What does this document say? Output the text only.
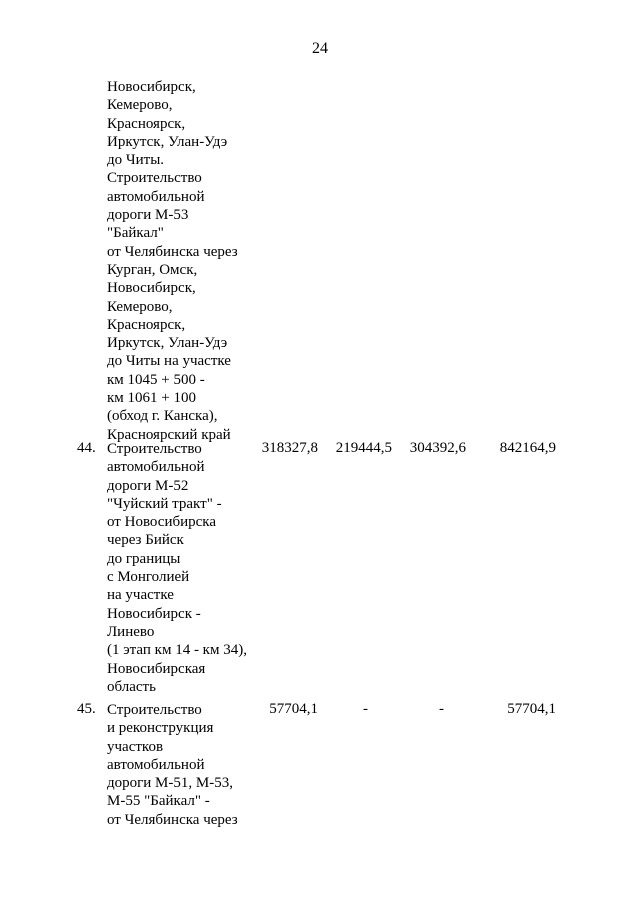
24
Новосибирск,
Кемерово,
Красноярск,
Иркутск, Улан-Удэ
до Читы.
Строительство
автомобильной
дороги М-53
"Байкал"
от Челябинска через
Курган, Омск,
Новосибирск,
Кемерово,
Красноярск,
Иркутск, Улан-Удэ
до Читы на участке
км 1045 + 500 -
км 1061 + 100
(обход г. Канска),
Красноярский край
44. Строительство
автомобильной
дороги М-52
"Чуйский тракт" -
от Новосибирска
через Бийск
до границы
с Монголией
на участке
Новосибирск -
Линево
(1 этап км 14 - км 34),
Новосибирская
область
318327,8 219444,5 304392,6 842164,9
45. Строительство
и реконструкция
участков
автомобильной
дороги М-51, М-53,
М-55 "Байкал" -
от Челябинска через
57704,1	-	-	57704,1
